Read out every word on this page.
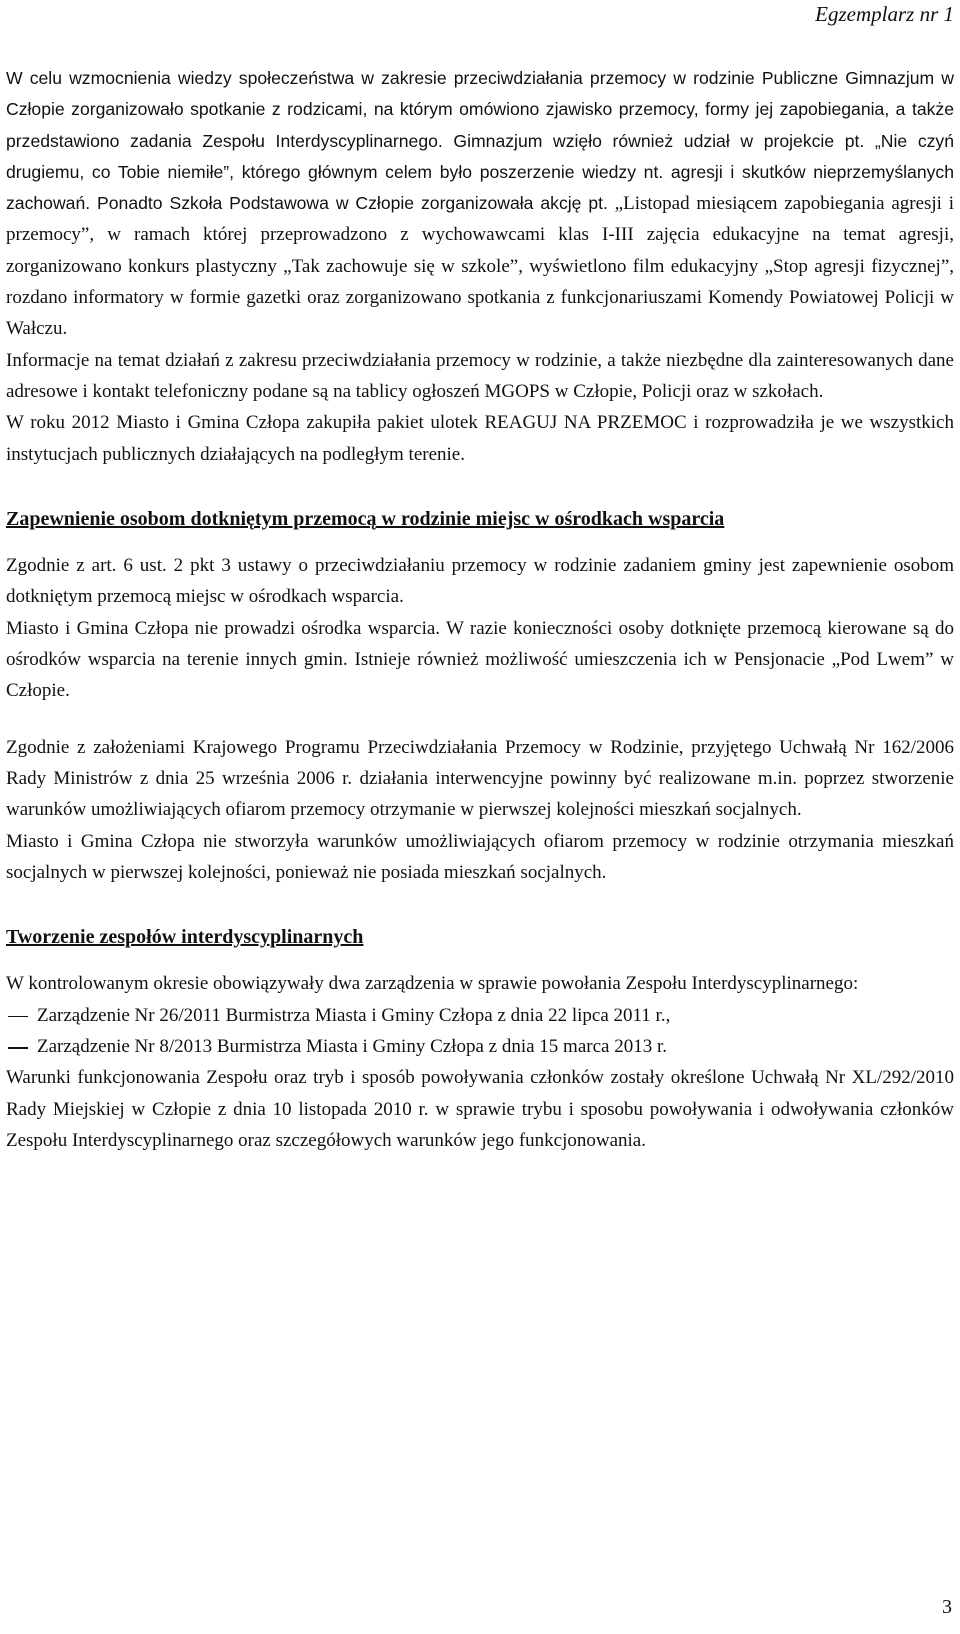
Egzemplarz nr 1

W celu wzmocnienia wiedzy społeczeństwa w zakresie przeciwdziałania przemocy w rodzinie Publiczne Gimnazjum w Człopie zorganizowało spotkanie z rodzicami, na którym omówiono zjawisko przemocy, formy jej zapobiegania, a także przedstawiono zadania Zespołu Interdyscyplinarnego. Gimnazjum wzięło również udział w projekcie pt. „Nie czyń drugiemu, co Tobie niemiłe”, którego głównym celem było poszerzenie wiedzy nt. agresji i skutków nieprzemyślanych zachowań. Ponadto Szkoła Podstawowa w Człopie zorganizowała akcję pt. „Listopad miesiącem zapobiegania agresji i przemocy”, w ramach której przeprowadzono z wychowawcami klas I-III zajęcia edukacyjne na temat agresji, zorganizowano konkurs plastyczny „Tak zachowuje się w szkole”, wyświetlono film edukacyjny „Stop agresji fizycznej”, rozdano informatory w formie gazetki oraz zorganizowano spotkania z funkcjonariuszami Komendy Powiatowej Policji w Wałczu.

Informacje na temat działań z zakresu przeciwdziałania przemocy w rodzinie, a także niezbędne dla zainteresowanych dane adresowe i kontakt telefoniczny podane są na tablicy ogłoszeń MGOPS w Człopie, Policji oraz w szkołach.

W roku 2012 Miasto i Gmina Człopa zakupiła pakiet ulotek REAGUJ NA PRZEMOC i rozprowadziła je we wszystkich instytucjach publicznych działających na podległym terenie.

Zapewnienie osobom dotkniętym przemocą w rodzinie miejsc w ośrodkach wsparcia

Zgodnie z art. 6 ust. 2 pkt 3 ustawy o przeciwdziałaniu przemocy w rodzinie zadaniem gminy jest zapewnienie osobom dotkniętym przemocą miejsc w ośrodkach wsparcia.

Miasto i Gmina Człopa nie prowadzi ośrodka wsparcia. W razie konieczności osoby dotknięte przemocą kierowane są do ośrodków wsparcia na terenie innych gmin. Istnieje również możliwość umieszczenia ich w Pensjonacie „Pod Lwem” w Człopie.

Zgodnie z założeniami Krajowego Programu Przeciwdziałania Przemocy w Rodzinie, przyjętego Uchwałą Nr 162/2006 Rady Ministrów z dnia 25 września 2006 r. działania interwencyjne powinny być realizowane m.in. poprzez stworzenie warunków umożliwiających ofiarom przemocy otrzymanie w pierwszej kolejności mieszkań socjalnych.

Miasto i Gmina Człopa nie stworzyła warunków umożliwiających ofiarom przemocy w rodzinie otrzymania mieszkań socjalnych w pierwszej kolejności, ponieważ nie posiada mieszkań socjalnych.

Tworzenie zespołów interdyscyplinarnych

W kontrolowanym okresie obowiązywały dwa zarządzenia w sprawie powołania Zespołu Interdyscyplinarnego:

Zarządzenie Nr 26/2011 Burmistrza Miasta i Gminy Człopa z dnia 22 lipca 2011 r.,
Zarządzenie Nr 8/2013 Burmistrza Miasta i Gminy Człopa z dnia 15 marca 2013 r.

Warunki funkcjonowania Zespołu oraz tryb i sposób powoływania członków zostały określone Uchwałą Nr XL/292/2010 Rady Miejskiej w Człopie z dnia 10 listopada 2010 r. w sprawie trybu i sposobu powoływania i odwoływania członków Zespołu Interdyscyplinarnego oraz szczegółowych warunków jego funkcjonowania.

3
